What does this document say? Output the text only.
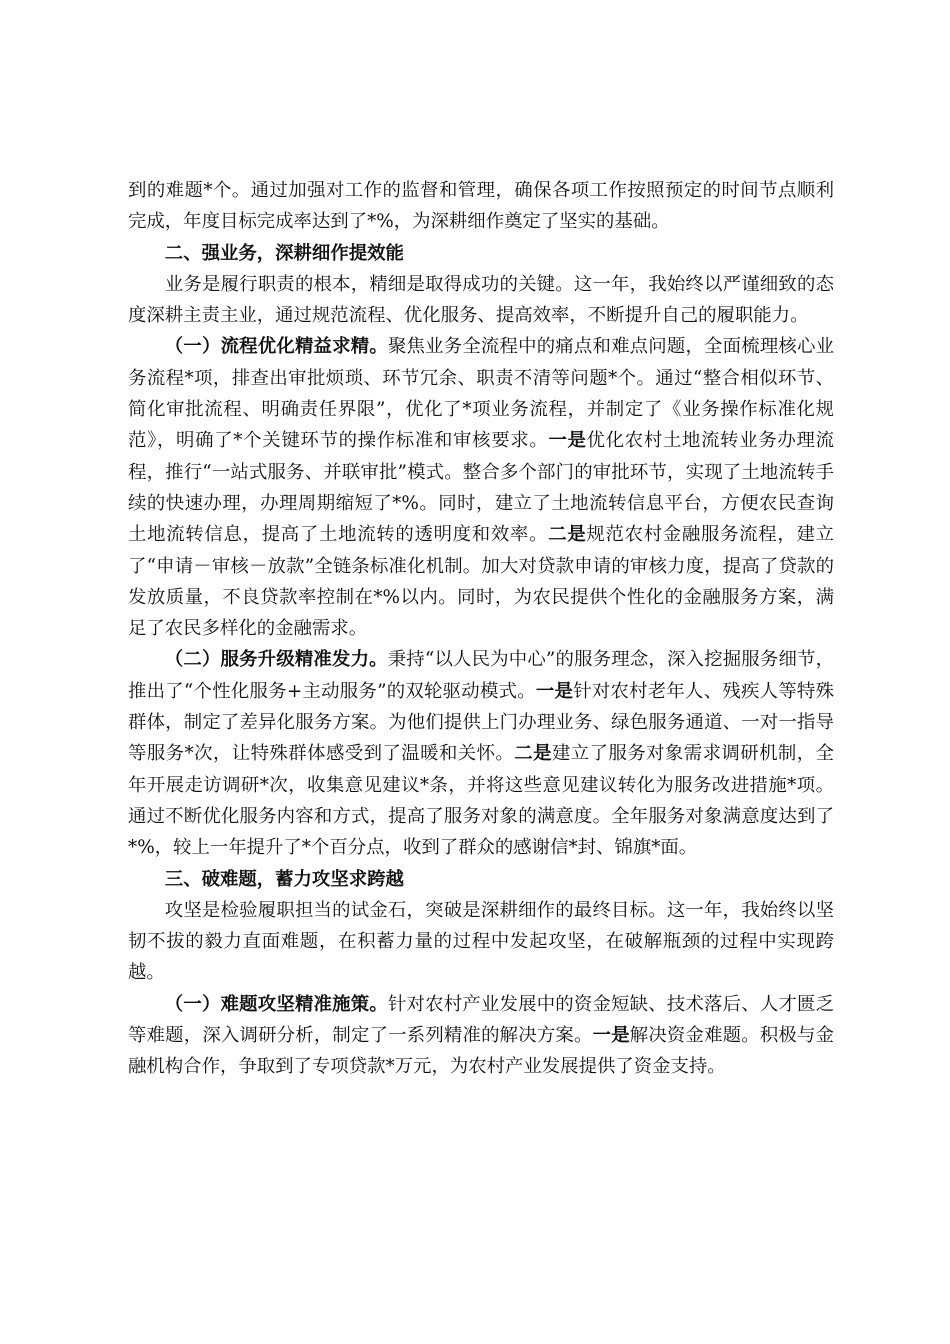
到的难题*个。通过加强对工作的监督和管理，确保各项工作按照预定的时间节点顺利完成，年度目标完成率达到了*%，为深耕细作奠定了坚实的基础。

二、强业务，深耕细作提效能

业务是履行职责的根本，精细是取得成功的关键。这一年，我始终以严谨细致的态度深耕主责主业，通过规范流程、优化服务、提高效率，不断提升自己的履职能力。

（一）流程优化精益求精。聚焦业务全流程中的痛点和难点问题，全面梳理核心业务流程*项，排查出审批烦琐、环节冗余、职责不清等问题*个。通过“整合相似环节、简化审批流程、明确责任界限”，优化了*项业务流程，并制定了《业务操作标准化规范》，明确了*个关键环节的操作标准和审核要求。一是优化农村土地流转业务办理流程，推行“一站式服务、并联审批”模式。整合多个部门的审批环节，实现了土地流转手续的快速办理，办理周期缩短了*%。同时，建立了土地流转信息平台，方便农民查询土地流转信息，提高了土地流转的透明度和效率。二是规范农村金融服务流程，建立了“申请－审核－放款”全链条标准化机制。加大对贷款申请的审核力度，提高了贷款的发放质量，不良贷款率控制在*%以内。同时，为农民提供个性化的金融服务方案，满足了农民多样化的金融需求。

（二）服务升级精准发力。秉持“以人民为中心”的服务理念，深入挖掘服务细节，推出了“个性化服务+主动服务”的双轮驱动模式。一是针对农村老年人、残疾人等特殊群体，制定了差异化服务方案。为他们提供上门办理业务、绿色服务通道、一对一指导等服务*次，让特殊群体感受到了温暖和关怀。二是建立了服务对象需求调研机制，全年开展走访调研*次，收集意见建议*条，并将这些意见建议转化为服务改进措施*项。通过不断优化服务内容和方式，提高了服务对象的满意度。全年服务对象满意度达到了*%，较上一年提升了*个百分点，收到了群众的感谢信*封、锦旗*面。

三、破难题，蓄力攻坚求跨越

攻坚是检验履职担当的试金石，突破是深耕细作的最终目标。这一年，我始终以坚韧不拔的毅力直面难题，在积蓄力量的过程中发起攻坚，在破解瓶颈的过程中实现跨越。

（一）难题攻坚精准施策。针对农村产业发展中的资金短缺、技术落后、人才匮乏等难题，深入调研分析，制定了一系列精准的解决方案。一是解决资金难题。积极与金融机构合作，争取到了专项贷款*万元，为农村产业发展提供了资金支持。
